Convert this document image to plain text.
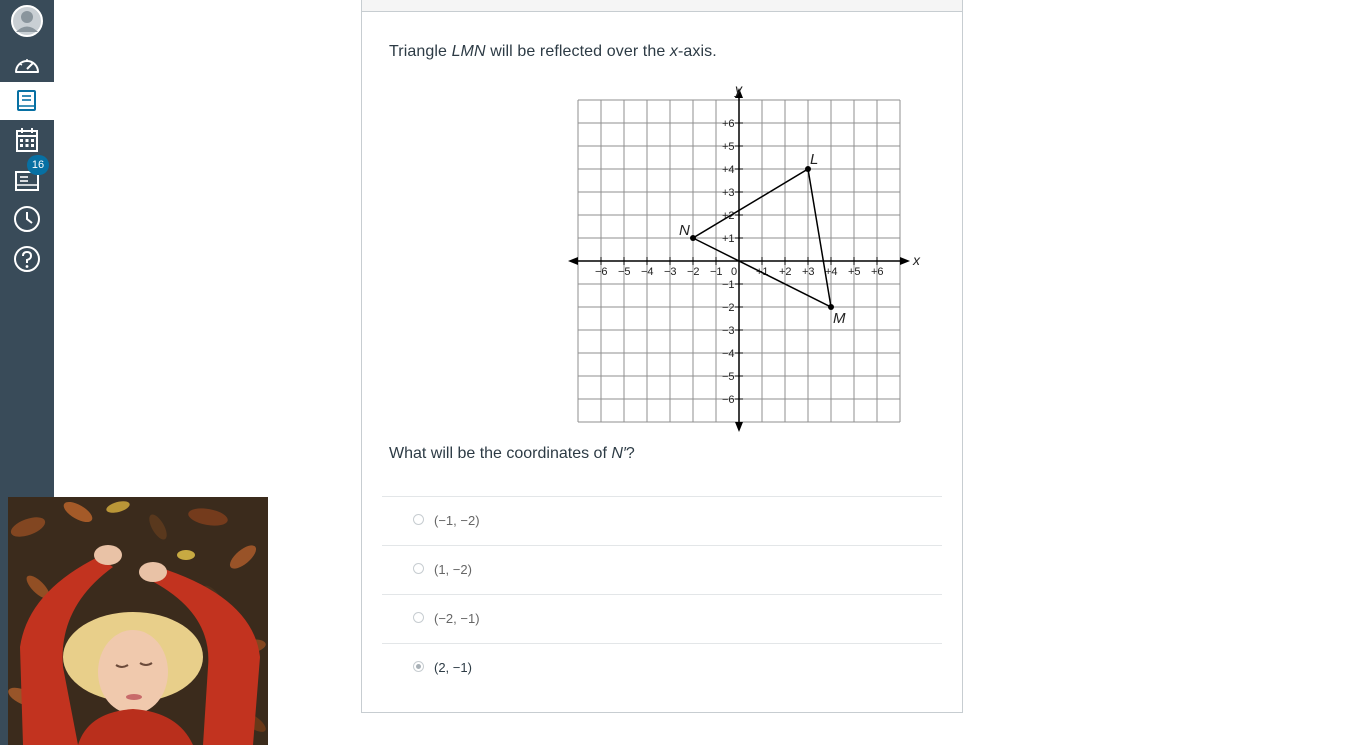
16
Triangle LMN will be reflected over the x-axis.
x
y
−6 −5 −4 −3 −2 −1	+1 +2 +3 +4 +5 +6
0
+6
+5
+4
+3
+2
+1
−1
−2
−3
−4
−5
−6
L
M
N
What will be the coordinates of N′?
(−1, −2)
(1, −2)
(−2, −1)
(2, −1)
